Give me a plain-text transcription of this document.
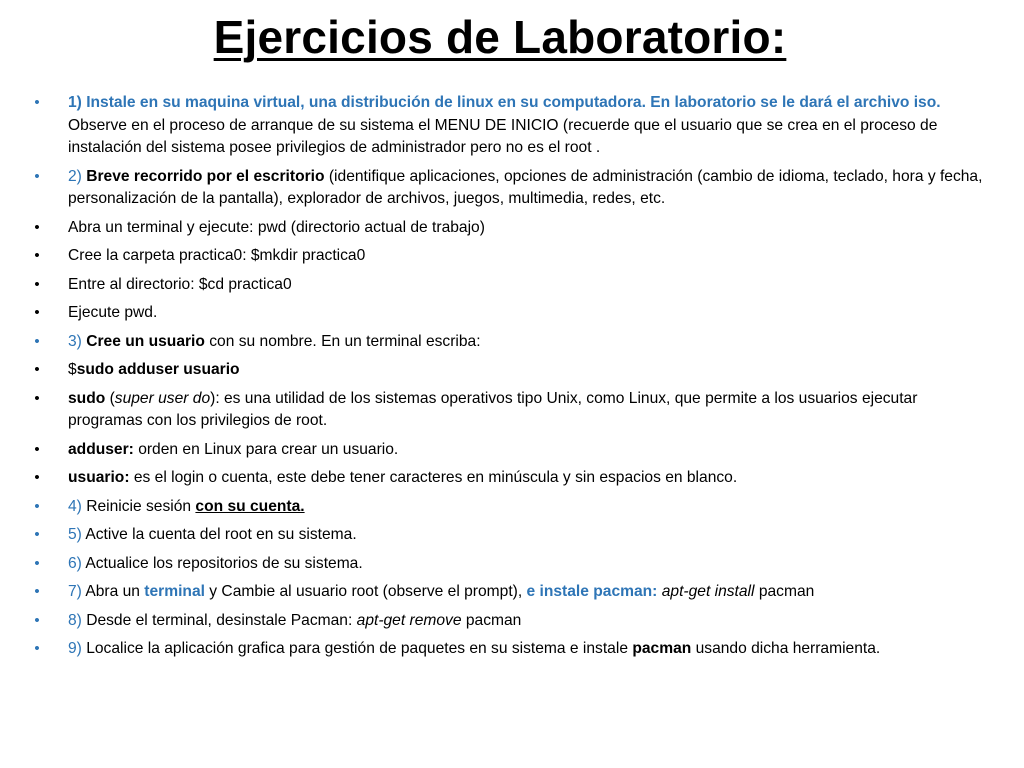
Ejercicios de Laboratorio:
• 1) Instale en su maquina virtual, una distribución de linux en su computadora. En laboratorio se le dará el archivo iso. Observe en el proceso de arranque de su sistema el MENU DE INICIO (recuerde que el usuario que se crea en el proceso de instalación del sistema posee privilegios de administrador pero no es el root .
• 2) Breve recorrido por el escritorio (identifique aplicaciones, opciones de administración (cambio de idioma, teclado, hora y fecha, personalización de la pantalla), explorador de archivos, juegos, multimedia, redes, etc.
• Abra un terminal y ejecute: pwd (directorio actual de trabajo)
• Cree la carpeta practica0: $mkdir practica0
• Entre al directorio: $cd practica0
• Ejecute pwd.
• 3) Cree un usuario con su nombre. En un terminal escriba:
• $sudo adduser usuario
• sudo (super user do): es una utilidad de los sistemas operativos tipo Unix, como Linux, que permite a los usuarios ejecutar programas con los privilegios de root.
• adduser: orden en Linux para crear un usuario.
• usuario: es el login o cuenta, este debe tener caracteres en minúscula y sin espacios en blanco.
• 4) Reinicie sesión con su cuenta.
• 5) Active la cuenta del root en su sistema.
• 6) Actualice los repositorios de su sistema.
• 7) Abra un terminal y Cambie al usuario root (observe el prompt), e instale pacman: apt-get install pacman
• 8) Desde el terminal, desinstale Pacman: apt-get remove pacman
• 9) Localice la aplicación grafica para gestión de paquetes en su sistema e instale pacman usando dicha herramienta.
